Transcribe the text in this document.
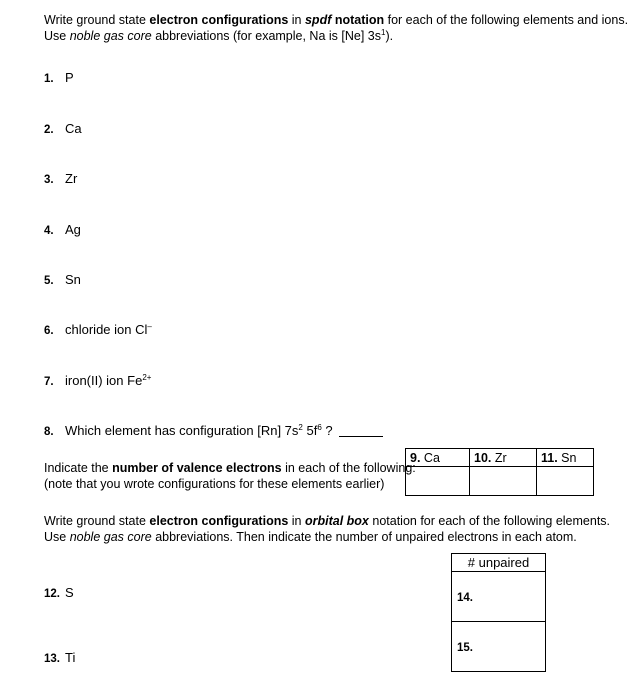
Write ground state electron configurations in spdf notation for each of the following elements and ions.
Use noble gas core abbreviations (for example, Na is [Ne] $3s^1$).
1. P
2. Ca
3. Zr
4. Ag
5. Sn
6. chloride ion Cl–
7. iron(II) ion $Fe^{2+}$
8. Which element has configuration [Rn] $7s^2$ $5f^6$ ?
Indicate the number of valence electrons in each of the following:
(note that you wrote configurations for these elements earlier)
9. Ca	10. Zr	11. Sn

Write ground state electron configurations in orbital box notation for each of the following elements.
Use noble gas core abbreviations. Then indicate the number of unpaired electrons in each atom.
# unpaired
14.
15.
12. S
13. Ti
